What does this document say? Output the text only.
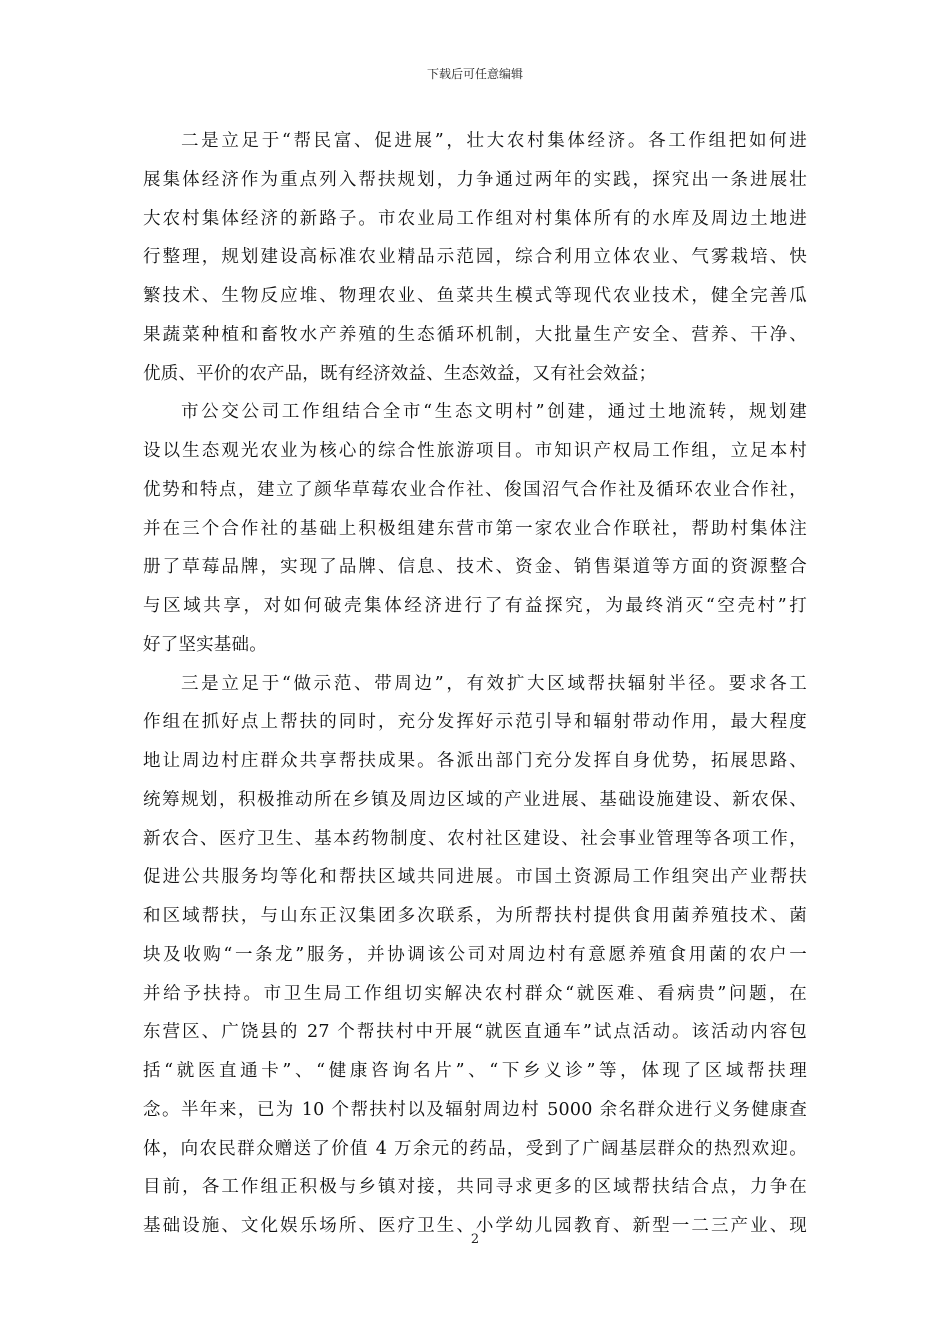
下载后可任意编辑
二是立足于“帮民富、促进展”，壮大农村集体经济。各工作组把如何进
展集体经济作为重点列入帮扶规划，力争通过两年的实践，探究出一条进展壮
大农村集体经济的新路子。市农业局工作组对村集体所有的水库及周边土地进
行整理，规划建设高标准农业精品示范园，综合利用立体农业、气雾栽培、快
繁技术、生物反应堆、物理农业、鱼菜共生模式等现代农业技术，健全完善瓜
果蔬菜种植和畜牧水产养殖的生态循环机制，大批量生产安全、营养、干净、
优质、平价的农产品，既有经济效益、生态效益，又有社会效益；
市公交公司工作组结合全市“生态文明村”创建，通过土地流转，规划建
设以生态观光农业为核心的综合性旅游项目。市知识产权局工作组，立足本村
优势和特点，建立了颜华草莓农业合作社、俊国沼气合作社及循环农业合作社，
并在三个合作社的基础上积极组建东营市第一家农业合作联社，帮助村集体注
册了草莓品牌，实现了品牌、信息、技术、资金、销售渠道等方面的资源整合
与区域共享，对如何破壳集体经济进行了有益探究，为最终消灭“空壳村”打
好了坚实基础。
三是立足于“做示范、带周边”，有效扩大区域帮扶辐射半径。要求各工
作组在抓好点上帮扶的同时，充分发挥好示范引导和辐射带动作用，最大程度
地让周边村庄群众共享帮扶成果。各派出部门充分发挥自身优势，拓展思路、
统筹规划，积极推动所在乡镇及周边区域的产业进展、基础设施建设、新农保、
新农合、医疗卫生、基本药物制度、农村社区建设、社会事业管理等各项工作，
促进公共服务均等化和帮扶区域共同进展。市国土资源局工作组突出产业帮扶
和区域帮扶，与山东正汉集团多次联系，为所帮扶村提供食用菌养殖技术、菌
块及收购“一条龙”服务，并协调该公司对周边村有意愿养殖食用菌的农户一
并给予扶持。市卫生局工作组切实解决农村群众“就医难、看病贵”问题，在
东营区、广饶县的 27 个帮扶村中开展“就医直通车”试点活动。该活动内容包
括“就医直通卡”、“健康咨询名片”、“下乡义诊”等，体现了区域帮扶理
念。半年来，已为 10 个帮扶村以及辐射周边村 5000 余名群众进行义务健康查
体，向农民群众赠送了价值 4 万余元的药品，受到了广阔基层群众的热烈欢迎。
目前，各工作组正积极与乡镇对接，共同寻求更多的区域帮扶结合点，力争在
基础设施、文化娱乐场所、医疗卫生、小学幼儿园教育、新型一二三产业、现
2
